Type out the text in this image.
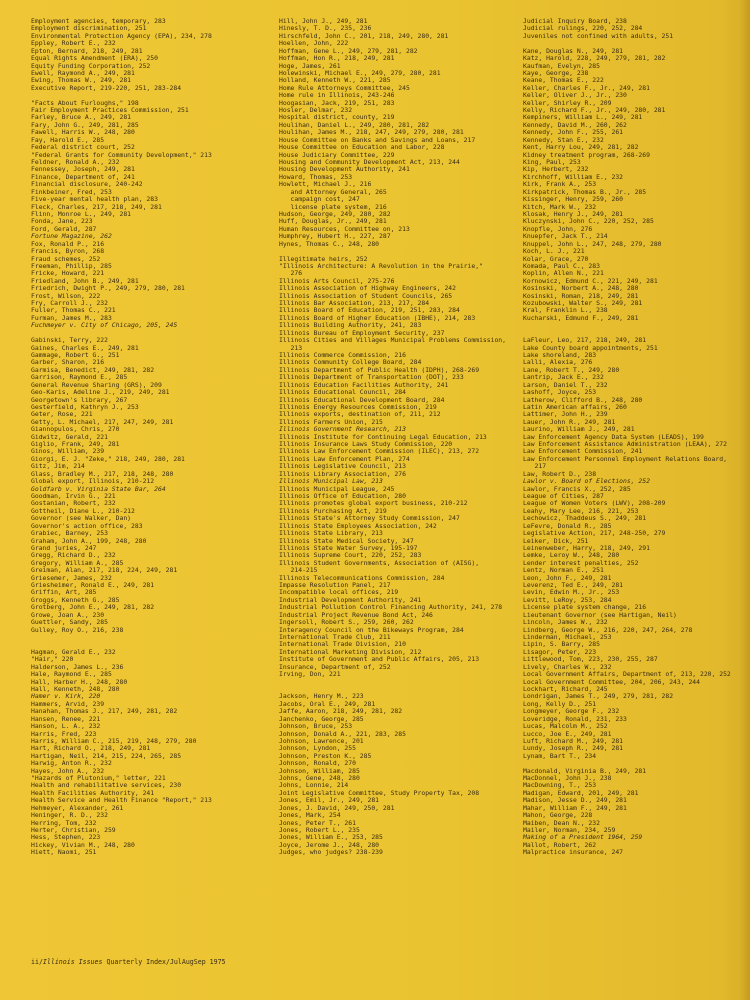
Employment agencies, temporary, 283
Employment discrimination, 251
Environmental Protection Agency (EPA), 234, 278
Eppley, Robert E., 232
Epton, Bernard, 218, 249, 281
Equal Rights Amendment (ERA), 250
Equity Funding Corporation, 252
Ewell, Raymond A., 249, 281
Ewing, Thomas W., 249, 281
Executive Report, 219-220, 251, 283-284

"Facts About Furloughs," 198
Fair Employment Practices Commission, 251
Farley, Bruce A., 249, 281
Fary, John G., 249, 281, 285
Fawell, Harris W., 248, 280
Fay, Harold E., 285
Federal district court, 252
"Federal Grants for Community Development," 213
Feldner, Ronald A., 232
Fennessey, Joseph, 249, 281
Finance, Department of, 241
Financial disclosure, 240-242
Finkbeiner, Fred, 253
Five-year mental health plan, 283
Fleck, Charles, 217, 218, 249, 281
Flinn, Monroe L., 249, 281
Fonda, Jane, 223
Ford, Gerald, 287
Fortune Magazine, 262
Fox, Ronald P., 216
Francis, Byron, 268
Fraud schemes, 252
Freeman, Phillip, 285
Fricke, Howard, 221
Friedland, John B., 249, 281
Friedrich, Dwight P., 249, 279, 280, 281
Frost, Wilson, 222
Fry, Carroll J., 232
Fuller, Thomas C., 221
Furman, James M., 283
Fuchmeyer v. City of Chicago, 205, 245

Gabinski, Terry, 222
Gaines, Charles E., 249, 281
Gammage, Robert G., 251
Garber, Sharon, 216
Garmisa, Benedict, 249, 281, 282
Garrison, Raymond E., 285
General Revenue Sharing (GRS), 209
Geo-Karis, Adeline J., 219, 249, 281
Georgetown's library, 267
Gesterfield, Kathryn J., 253
Geter, Rose, 221
Getty, L. Michael, 217, 247, 249, 281
Giannopulos, Chris, 270
Gidwitz, Gerald, 221
Giglio, Frank, 249, 281
Ginos, William, 239
Giorgi, E. J. "Zeke," 218, 249, 280, 281
Gitz, Jim, 214
Glass, Bradley M., 217, 218, 248, 280
Global export, Illinois, 210-212
Goldfarb v. Virginia State Bar, 264
Goodman, Irvin G., 221
Gostanian, Robert, 232
Gottheil, Diane L., 210-212
Governor (see Walker, Dan)
Governor's action office, 283
Grabiec, Barney, 253
Graham, John A., 199, 248, 280
Grand juries, 247
Gregg, Richard D., 232
Gregory, William A., 285
Greiman, Alan, 217, 218, 224, 249, 281
Griesemer, James, 232
Griesheimer, Ronald E., 249, 281
Griffin, Art, 285
Groggs, Kenneth G., 285
Grotberg, John E., 249, 281, 282
Growe, Joan A., 230
Guettler, Sandy, 285
Gulley, Roy O., 216, 238

Hagman, Gerald E., 232
"Hair," 220
Halderson, James L., 236
Hale, Raymond E., 285
Hall, Harber H., 248, 280
Hall, Kenneth, 248, 280
Hamer v. Kirk, 220
Hammers, Arvid, 239
Hanahan, Thomas J., 217, 249, 281, 282
Hansen, Renee, 221
Hanson, L. A., 232
Harris, Fred, 223
Harris, William C., 215, 219, 248, 279, 280
Hart, Richard O., 218, 249, 281
Hartigan, Neil, 214, 215, 224, 265, 285
Harwig, Anton R., 232
Hayes, John A., 232
"Hazards of Plutonium," letter, 221
Health and rehabilitative services, 230
Health Facilities Authority, 241
Health Service and Health Finance "Report," 213
Hehmeyer, Alexander, 261
Heninger, R. D., 232
Herring, Tom, 232
Herter, Christian, 259
Hess, Stephen, 223
Hickey, Vivian M., 248, 280
Hiett, Naomi, 251
Hill, John J., 249, 281
Hinesly, T. D., 235, 236
Hirschfeld, John C., 201, 218, 249, 280, 281
Hoellen, John, 222
Hoffman, Gene L., 249, 279, 281, 282
Hoffman, Hon R., 218, 249, 281
Hoge, James, 261
Holewinski, Michael E., 249, 279, 280, 281
Holland, Kenneth W., 221, 285
Home Rule Attorneys Committee, 245
Home rule in Illinois, 243-246
Hoogasian, Jack, 219, 251, 283
Hosler, Delmar, 232
Hospital district, county, 219
Houlihan, Daniel L., 249, 280, 281, 282
Houlihan, James M., 218, 247, 249, 279, 280, 281
House Committee on Banks and Savings and Loans, 217
House Committee on Education and Labor, 228
House Judiciary Committee, 229
Housing and Community Development Act, 213, 244
Housing Development Authority, 241
Howard, Thomas, 253
Howlett, Michael J., 216
and Attorney General, 265
campaign cost, 247
license plate system, 216
Hudson, George, 249, 280, 282
Huff, Douglas, Jr., 249, 281
Human Resources, Committee on, 213
Humphrey, Hubert H., 227, 287
Hynes, Thomas C., 248, 280

Illegitimate heirs, 252
"Illinois Architecture: A Revolution in the Prairie,"
276
Illinois Arts Council, 275-276
Illinois Association of Highway Engineers, 242
Illinois Association of Student Councils, 265
Illinois Bar Association, 213, 217, 284
Illinois Board of Education, 219, 251, 283, 284
Illinois Board of Higher Education (IBHE), 214, 283
Illinois Building Authority, 241, 283
Illinois Bureau of Employment Security, 237
Illinois Cities and Villages Municipal Problems Commission,
213
Illinois Commerce Commission, 216
Illinois Community College Board, 284
Illinois Department of Public Health (IDPH), 268-269
Illinois Department of Transportation (DOT), 233
Illinois Education Facilities Authority, 241
Illinois Educational Council, 284
Illinois Educational Development Board, 284
Illinois Energy Resources Commission, 219
Illinois exports, destination of, 211, 212
Illinois Farmers Union, 215
Illinois Government Research, 213
Illinois Institute for Continuing Legal Education, 213
Illinois Insurance Laws Study Commission, 220
Illinois Law Enforcement Commission (ILEC), 213, 272
Illinois Law Enforcement Plan, 274
Illinois Legislative Council, 213
Illinois Library Association, 276
Illinois Municipal Law, 213
Illinois Municipal League, 245
Illinois Office of Education, 280
Illinois promotes global export business, 210-212
Illinois Purchasing Act, 219
Illinois State's Attorney Study Commission, 247
Illinois State Employees Association, 242
Illinois State Library, 213
Illinois State Medical Society, 247
Illinois State Water Survey, 195-197
Illinois Supreme Court, 220, 252, 283
Illinois Student Governments, Association of (AISG),
214-215
Illinois Telecommunications Commission, 284
Impasse Resolution Panel, 217
Incompatible local offices, 219
Industrial Development Authority, 241
Industrial Pollution Control Financing Authority, 241, 278
Industrial Project Revenue Bond Act, 246
Ingersoll, Robert S., 259, 260, 262
Interagency Council on the Bikeways Program, 284
International Trade Club, 211
International Trade Division, 210
International Marketing Division, 212
Institute of Government and Public Affairs, 205, 213
Insurance, Department of, 252
Irving, Don, 221

Jackson, Henry M., 223
Jacobs, Oral E., 249, 281
Jaffe, Aaron, 218, 249, 281, 282
Janchenko, George, 285
Johnson, Bruce, 253
Johnson, Donald A., 221, 283, 285
Johnson, Lawrence, 201
Johnson, Lyndon, 255
Johnson, Preston K., 285
Johnson, Ronald, 270
Johnson, William, 285
Johns, Gene, 248, 280
Johns, Lonnie, 214
Joint Legislative Committee, Study Property Tax, 208
Jones, Emil, Jr., 249, 281
Jones, J. David, 249, 250, 281
Jones, Mark, 254
Jones, Peter T., 261
Jones, Robert L., 235
Jones, William E., 253, 285
Joyce, Jerome J., 248, 280
Judges, who judges? 238-239
Judicial Inquiry Board, 238
Judicial rulings, 220, 252, 284
Juveniles not confined with adults, 251

Kane, Douglas N., 249, 281
Katz, Harold, 228, 249, 279, 281, 282
Kaufman, Evelyn, 285
Kaye, George, 238
Keane, Thomas E., 222
Keller, Charles F., Jr., 249, 281
Keller, Oliver J., Jr., 230
Keller, Shirley R., 209
Kelly, Richard F., Jr., 249, 280, 281
Kempiners, William L., 249, 281
Kennedy, David M., 260, 262
Kennedy, John F., 255, 261
Kennedy, Stan E., 232
Kent, Harry Lou, 249, 281, 282
Kidney treatment program, 268-269
King, Paul, 253
Kip, Herbert, 232
Kirchhoff, William E., 232
Kirk, Frank A., 253
Kirkpatrick, Thomas B., Jr., 285
Kissinger, Henry, 259, 260
Kitch, Mark W., 232
Klosak, Henry J., 249, 281
Kluczynski, John C., 220, 252, 285
Knopfle, John, 276
Knuepfer, Jack T., 214
Knuppel, John L., 247, 248, 279, 280
Koch, L. J., 221
Kolar, Grace, 270
Komada, Paul C., 283
Koplin, Allen N., 221
Kornowicz, Edmund C., 221, 249, 281
Kosinski, Norbert A., 248, 280
Kosinski, Roman, 218, 249, 281
Kozubowski, Walter S., 249, 281
Kral, Franklin L., 238
Kucharski, Edmund F., 249, 281

LaFleur, Leo, 217, 218, 249, 281
Lake County board appointments, 251
Lake shoreland, 283
Lalli, Alexia, 276
Lane, Robert T., 249, 280
Lantrip, Jack E., 232
Larson, Daniel T., 232
Lashoff, Joyce, 253
Latherow, Clifford B., 248, 280
Latin American affairs, 260
Lattimer, John H., 239
Lauer, John R., 249, 281
Laurino, William J., 249, 281
Law Enforcement Agency Data System (LEADS), 199
Law Enforcement Assistance Administration (LEAA), 272
Law Enforcement Commission, 241
Law Enforcement Personnel Employment Relations Board,
217
Law, Robert D., 238
Lawlor v. Board of Elections, 252
Lawlor, Francis X., 252, 285
League of Cities, 287
League of Women Voters (LWV), 208-209
Leahy, Mary Lee, 216, 221, 253
Lechowicz, Thaddeus S., 249, 281
LeFevre, Donald R., 285
Legislative Action, 217, 248-250, 279
Leiker, Dick, 251
Leinenweber, Harry, 218, 249, 291
Lemke, Leroy W., 248, 280
Lender interest penalties, 252
Lentz, Norman E., 251
Leon, John F., 249, 281
Leverenz, Ted E., 249, 281
Levin, Edwin M., Jr., 253
Levitt, LeRoy, 253, 284
License plate system change, 216
Lieutenant Governor (see Hartigan, Neil)
Lincoln, James W., 232
Lindberg, George W., 216, 220, 247, 264, 278
Linderman, Michael, 253
Lipin, S. Barry, 285
Lisagor, Peter, 223
Littlewood, Tom, 223, 230, 255, 287
Lively, Charles W., 232
Local Government Affairs, Department of, 213, 220, 252
Local Government Committee, 204, 206, 243, 244
Lockhart, Richard, 245
Londrigan, James T., 249, 279, 281, 282
Long, Kelly D., 251
Longmeyer, George F., 232
Loveridge, Ronald, 231, 233
Lucas, Malcolm M., 252
Lucco, Joe E., 249, 281
Luft, Richard M., 249, 281
Lundy, Joseph R., 249, 281
Lynam, Bart T., 234

Macdonald, Virginia B., 249, 281
MacDonnel, John J., 238
MacDowning, T., 253
Madigan, Edward, 201, 249, 281
Madison, Jesse D., 249, 281
Mahar, William F., 249, 281
Mahon, George, 228
Maiben, Dean N., 232
Mailer, Norman, 234, 259
Making of a President 1964, 259
Mallot, Robert, 262
Malpractice insurance, 247
ii/Illinois Issues Quarterly Index/JulAugSep 1975
